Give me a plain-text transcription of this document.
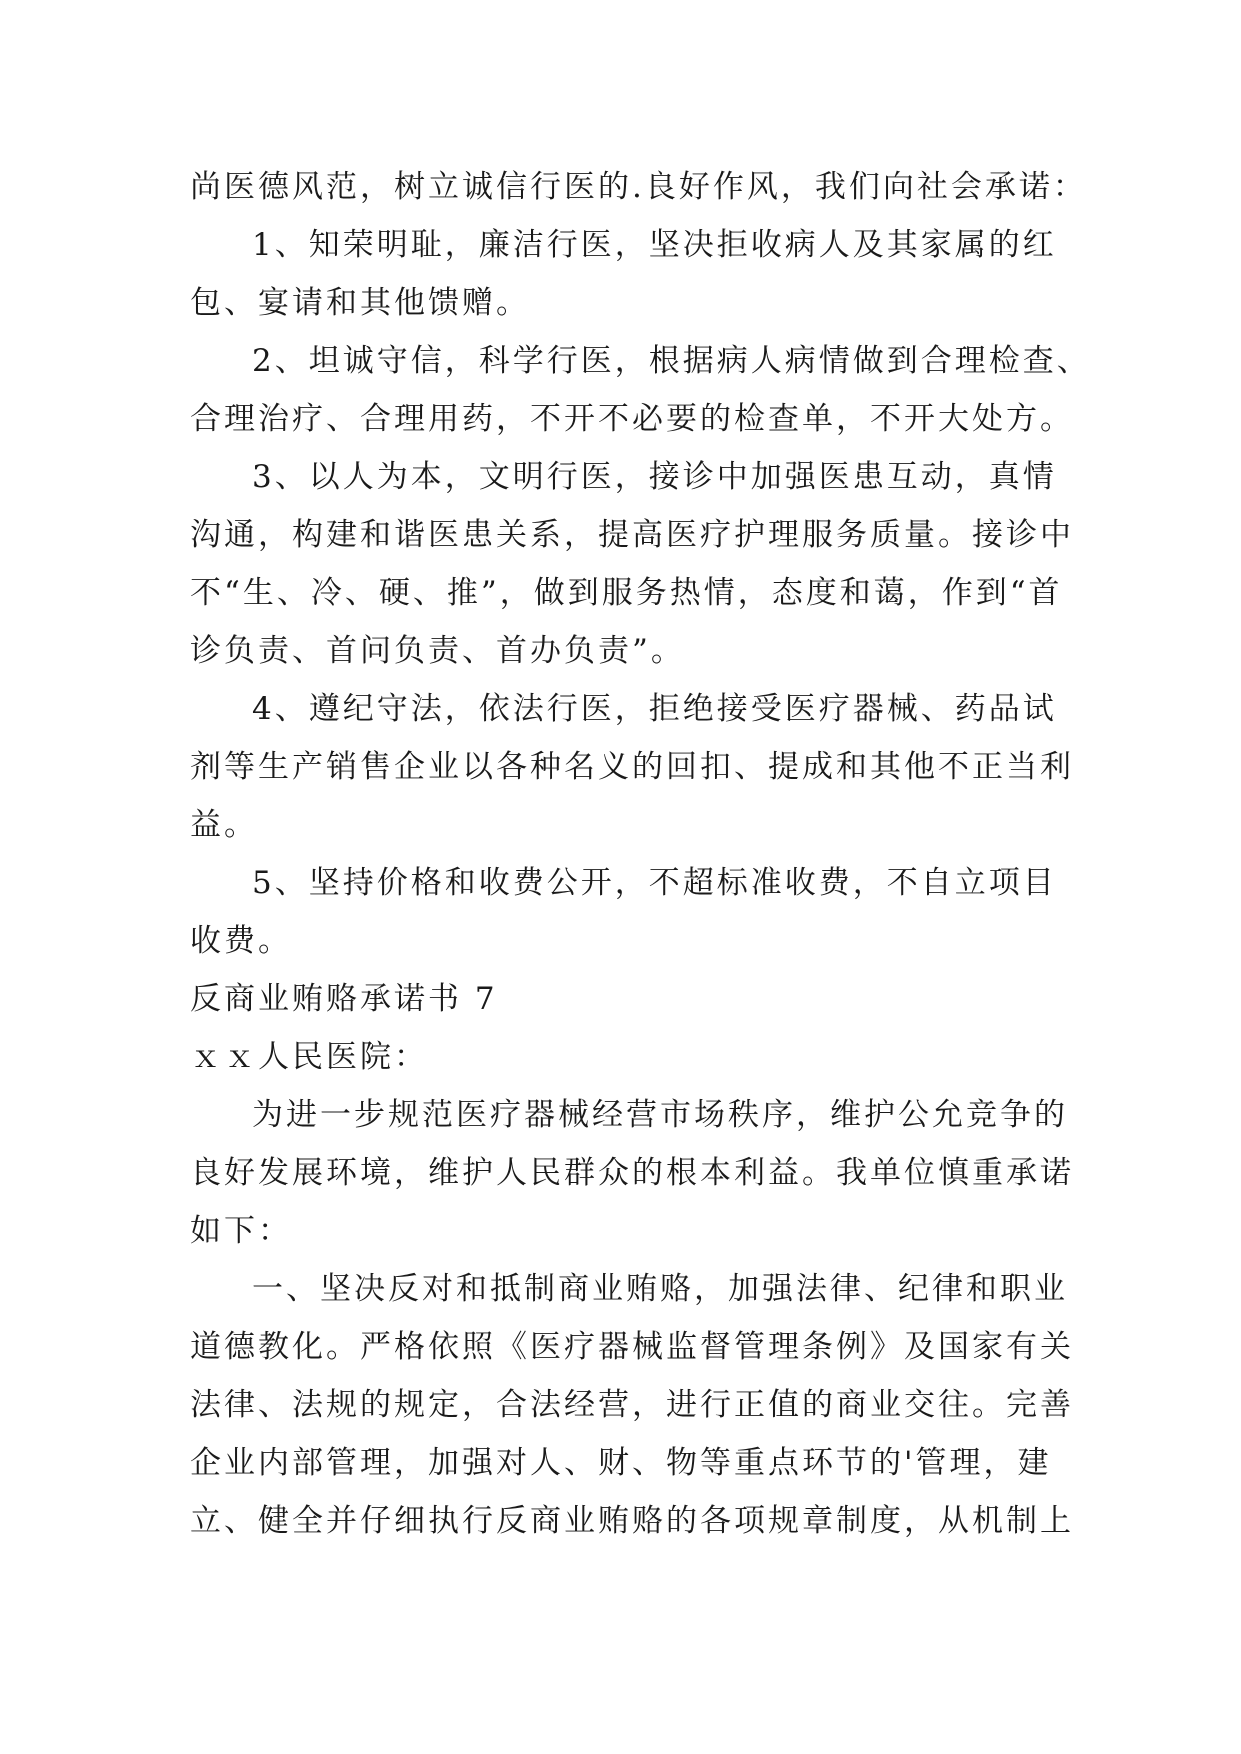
尚医德风范，树立诚信行医的.良好作风，我们向社会承诺：
1、知荣明耻，廉洁行医，坚决拒收病人及其家属的红
包、宴请和其他馈赠。
2、坦诚守信，科学行医，根据病人病情做到合理检查、
合理治疗、合理用药，不开不必要的检查单，不开大处方。
3、以人为本，文明行医，接诊中加强医患互动，真情
沟通，构建和谐医患关系，提高医疗护理服务质量。接诊中
不“生、冷、硬、推”，做到服务热情，态度和蔼，作到“首
诊负责、首问负责、首办负责”。
4、遵纪守法，依法行医，拒绝接受医疗器械、药品试
剂等生产销售企业以各种名义的回扣、提成和其他不正当利
益。
5、坚持价格和收费公开，不超标准收费，不自立项目
收费。
反商业贿赂承诺书 7
ｘｘ人民医院：
为进一步规范医疗器械经营市场秩序，维护公允竞争的
良好发展环境，维护人民群众的根本利益。我单位慎重承诺
如下：
一、坚决反对和抵制商业贿赂，加强法律、纪律和职业
道德教化。严格依照《医疗器械监督管理条例》及国家有关
法律、法规的规定，合法经营，进行正值的商业交往。完善
企业内部管理，加强对人、财、物等重点环节的'管理，建
立、健全并仔细执行反商业贿赂的各项规章制度，从机制上
